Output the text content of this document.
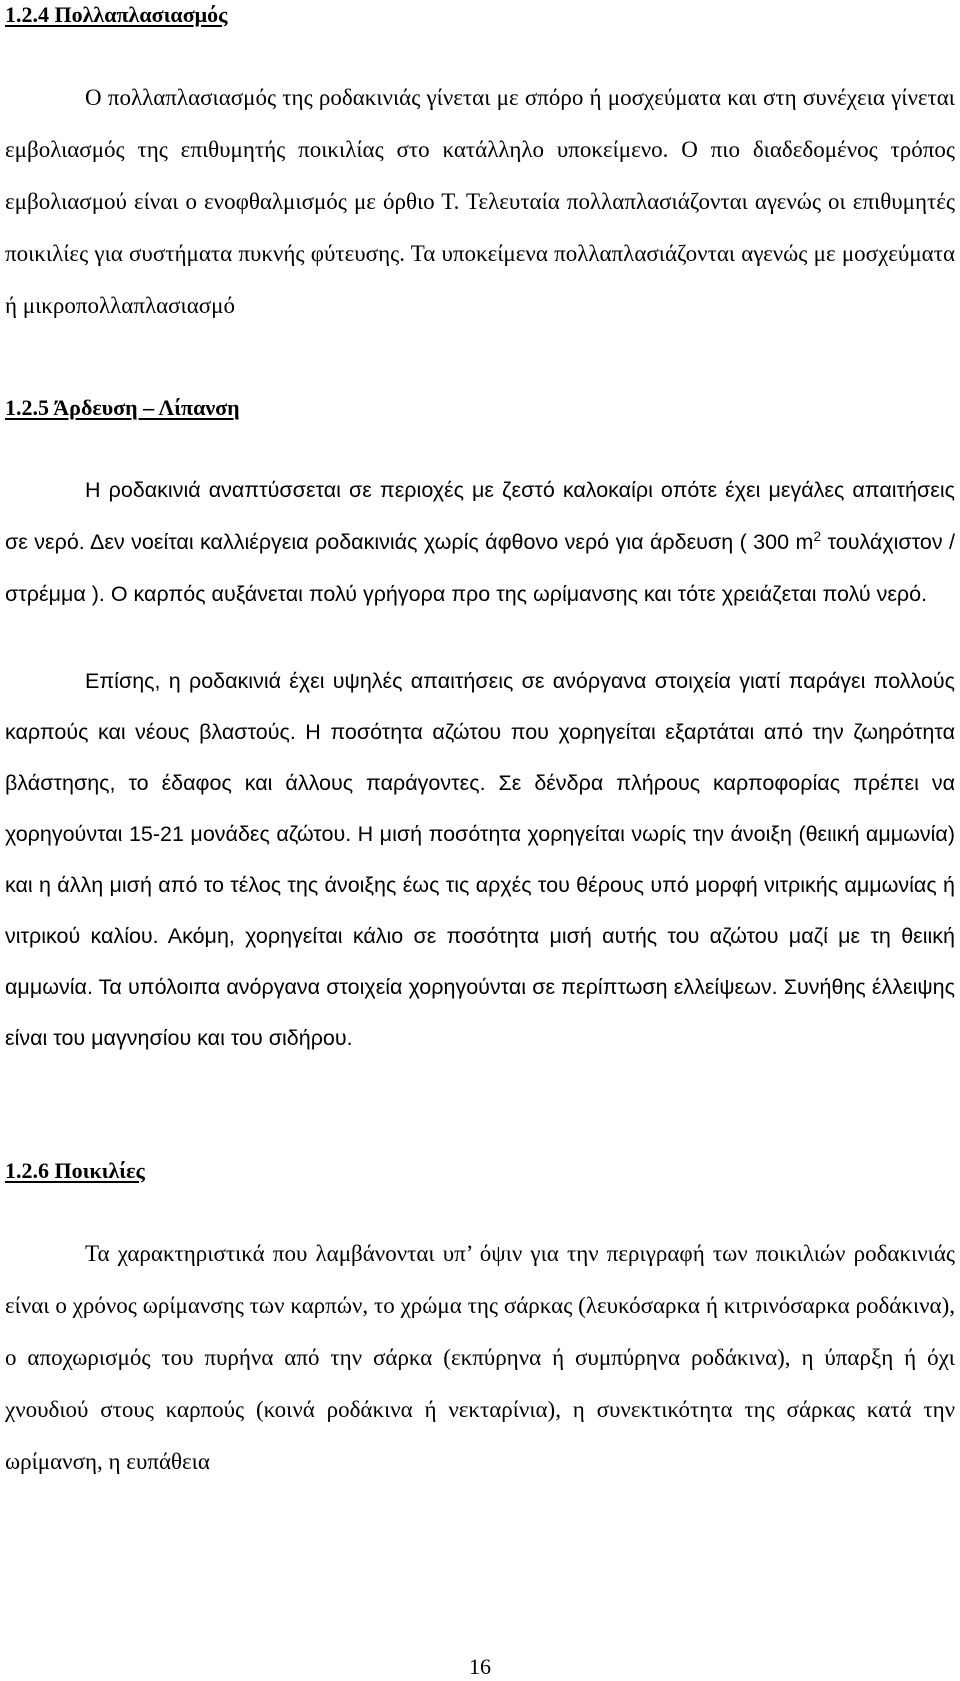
1.2.4 Πολλαπλασιασμός

Ο πολλαπλασιασμός της ροδακινιάς γίνεται με σπόρο ή μοσχεύματα και στη συνέχεια γίνεται εμβολιασμός της επιθυμητής ποικιλίας στο κατάλληλο υποκείμενο. Ο πιο διαδεδομένος τρόπος εμβολιασμού είναι ο ενοφθαλμισμός με όρθιο Τ. Τελευταία πολλαπλασιάζονται αγενώς οι επιθυμητές ποικιλίες για συστήματα πυκνής φύτευσης. Τα υποκείμενα πολλαπλασιάζονται αγενώς με μοσχεύματα ή μικροπολλαπλασιασμό

1.2.5 Άρδευση – Λίπανση

Η ροδακινιά αναπτύσσεται σε περιοχές με ζεστό καλοκαίρι οπότε έχει μεγάλες απαιτήσεις σε νερό. Δεν νοείται καλλιέργεια ροδακινιάς χωρίς άφθονο νερό για άρδευση ( 300 $m^2$ τουλάχιστον / στρέμμα ). Ο καρπός αυξάνεται πολύ γρήγορα προ της ωρίμανσης και τότε χρειάζεται πολύ νερό.

Επίσης, η ροδακινιά έχει υψηλές απαιτήσεις σε ανόργανα στοιχεία γιατί παράγει πολλούς καρπούς και νέους βλαστούς. Η ποσότητα αζώτου που χορηγείται εξαρτάται από την ζωηρότητα βλάστησης, το έδαφος και άλλους παράγοντες. Σε δένδρα πλήρους καρποφορίας πρέπει να χορηγούνται 15-21 μονάδες αζώτου. Η μισή ποσότητα χορηγείται νωρίς την άνοιξη (θειική αμμωνία) και η άλλη μισή από το τέλος της άνοιξης έως τις αρχές του θέρους υπό μορφή νιτρικής αμμωνίας ή νιτρικού καλίου. Ακόμη, χορηγείται κάλιο σε ποσότητα μισή αυτής του αζώτου μαζί με τη θειική αμμωνία. Τα υπόλοιπα ανόργανα στοιχεία χορηγούνται σε περίπτωση ελλείψεων. Συνήθης έλλειψης είναι του μαγνησίου και του σιδήρου.

1.2.6 Ποικιλίες

Τα χαρακτηριστικά που λαμβάνονται υπ’ όψιν για την περιγραφή των ποικιλιών ροδακινιάς είναι ο χρόνος ωρίμανσης των καρπών, το χρώμα της σάρκας (λευκόσαρκα ή κιτρινόσαρκα ροδάκινα), ο αποχωρισμός του πυρήνα από την σάρκα (εκπύρηνα ή συμπύρηνα ροδάκινα), η ύπαρξη ή όχι χνουδιού στους καρπούς (κοινά ροδάκινα ή νεκταρίνια), η συνεκτικότητα της σάρκας κατά την ωρίμανση, η ευπάθεια

16
